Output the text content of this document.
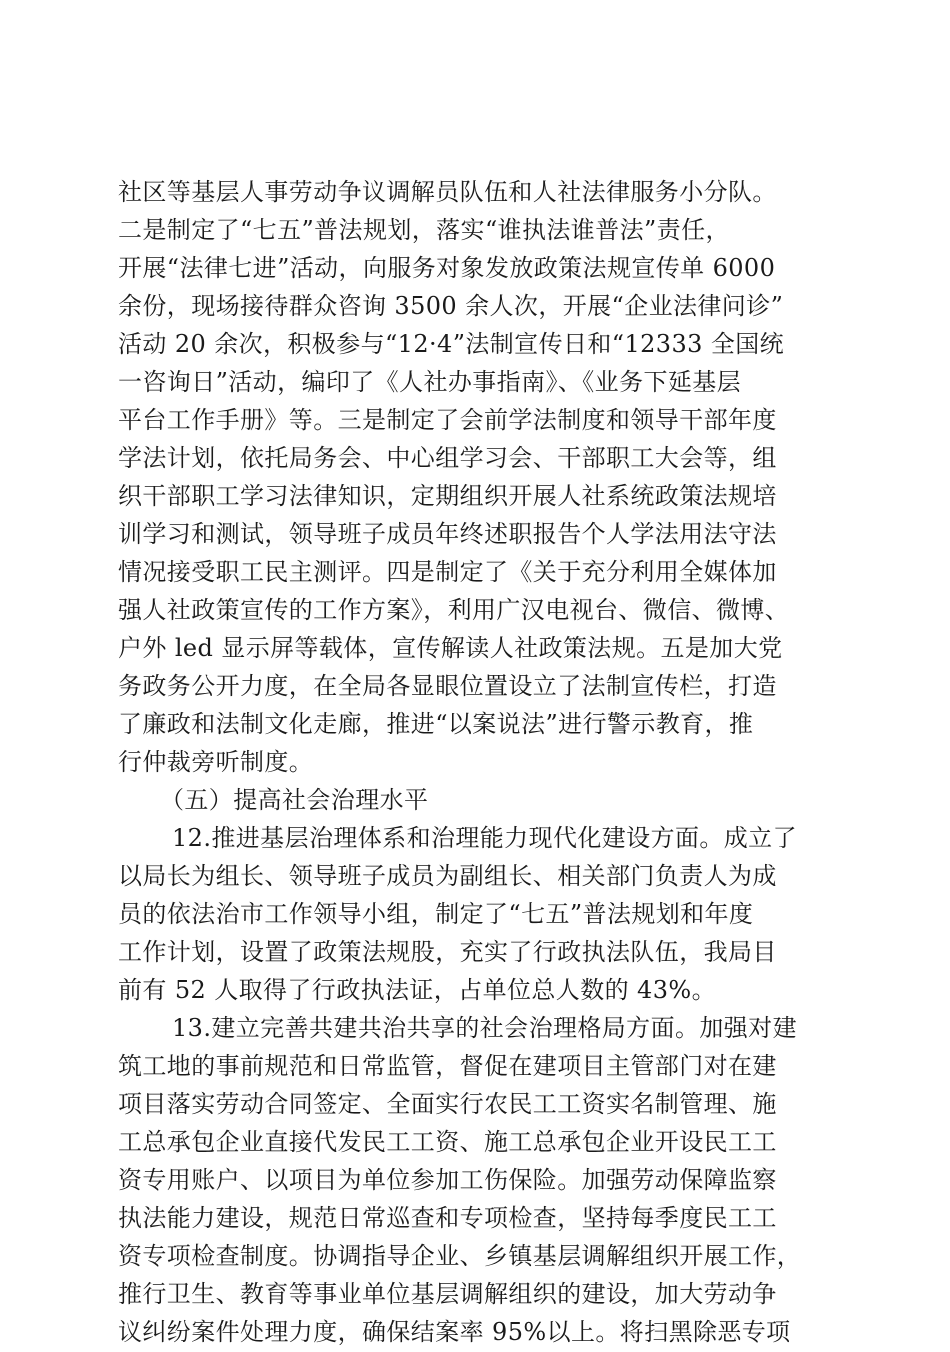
社区等基层人事劳动争议调解员队伍和人社法律服务小分队。
二是制定了“七五”普法规划，落实“谁执法谁普法”责任，
开展“法律七进”活动，向服务对象发放政策法规宣传单 6000
余份，现场接待群众咨询 3500 余人次，开展“企业法律问诊”
活动 20 余次，积极参与“12·4”法制宣传日和“12333 全国统
一咨询日”活动，编印了《人社办事指南》、《业务下延基层
平台工作手册》等。三是制定了会前学法制度和领导干部年度
学法计划，依托局务会、中心组学习会、干部职工大会等，组
织干部职工学习法律知识，定期组织开展人社系统政策法规培
训学习和测试，领导班子成员年终述职报告个人学法用法守法
情况接受职工民主测评。四是制定了《关于充分利用全媒体加
强人社政策宣传的工作方案》，利用广汉电视台、微信、微博、
户外 led 显示屏等载体，宣传解读人社政策法规。五是加大党
务政务公开力度，在全局各显眼位置设立了法制宣传栏，打造
了廉政和法制文化走廊，推进“以案说法”进行警示教育，推
行仲裁旁听制度。
（五）提高社会治理水平
12.推进基层治理体系和治理能力现代化建设方面。成立了
以局长为组长、领导班子成员为副组长、相关部门负责人为成
员的依法治市工作领导小组，制定了“七五”普法规划和年度
工作计划，设置了政策法规股，充实了行政执法队伍，我局目
前有 52 人取得了行政执法证，占单位总人数的 43%。
13.建立完善共建共治共享的社会治理格局方面。加强对建
筑工地的事前规范和日常监管，督促在建项目主管部门对在建
项目落实劳动合同签定、全面实行农民工工资实名制管理、施
工总承包企业直接代发民工工资、施工总承包企业开设民工工
资专用账户、以项目为单位参加工伤保险。加强劳动保障监察
执法能力建设，规范日常巡查和专项检查，坚持每季度民工工
资专项检查制度。协调指导企业、乡镇基层调解组织开展工作，
推行卫生、教育等事业单位基层调解组织的建设，加大劳动争
议纠纷案件处理力度，确保结案率 95%以上。将扫黑除恶专项
